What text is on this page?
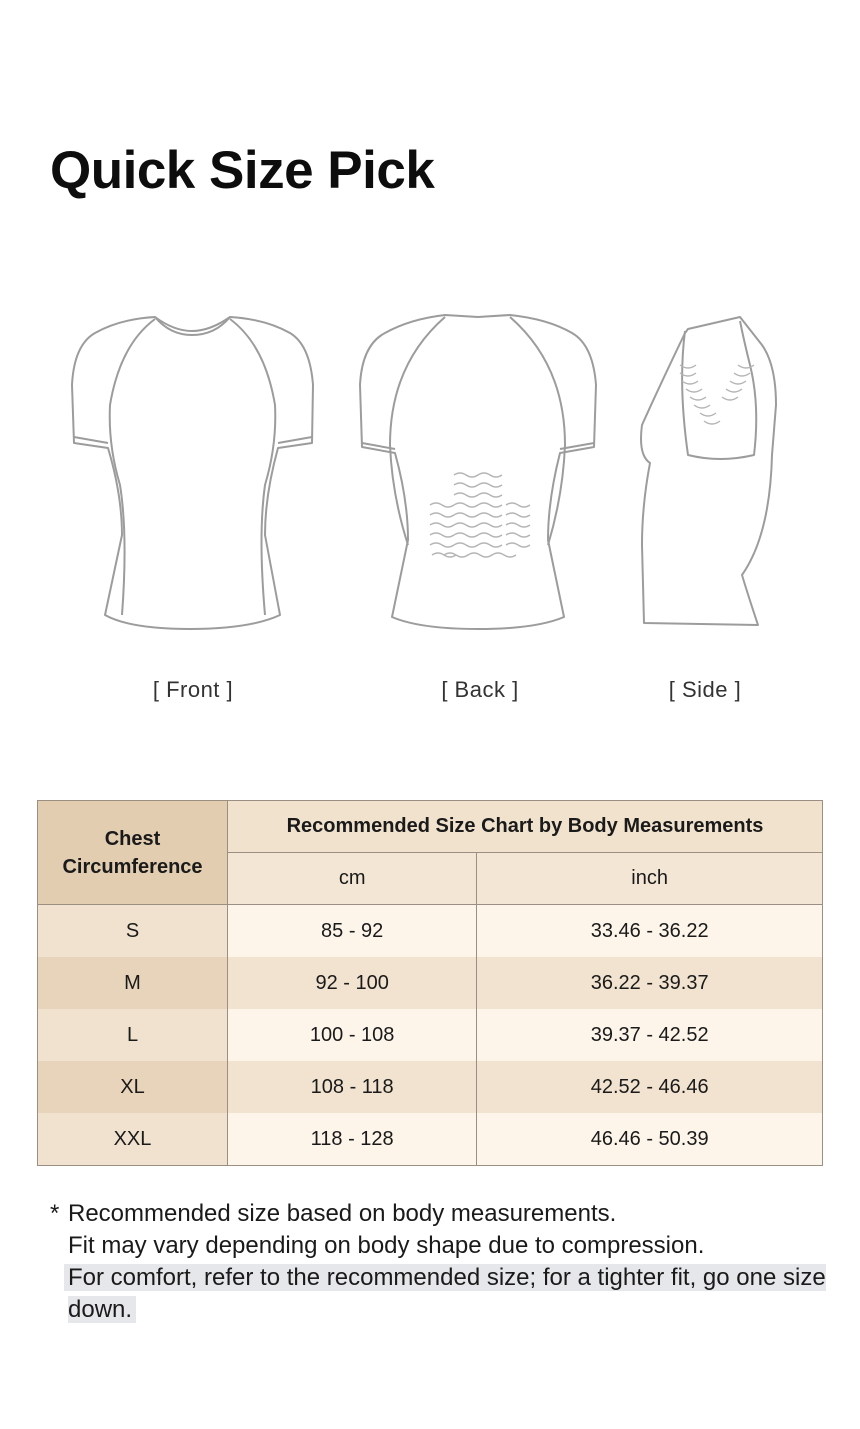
Quick Size Pick
[ Front ]	[ Back ]	[ Side ]
Chest Circumference	Recommended Size Chart by Body Measurements	
	cm	inch
S	85 - 92	33.46 - 36.22
M	92 - 100	36.22 - 39.37
L	100 - 108	39.37 - 42.52
XL	108 - 118	42.52 - 46.46
XXL	118 - 128	46.46 - 50.39
* Recommended size based on body measurements.
Fit may vary depending on body shape due to compression.
For comfort, refer to the recommended size; for a tighter fit, go one size down.
